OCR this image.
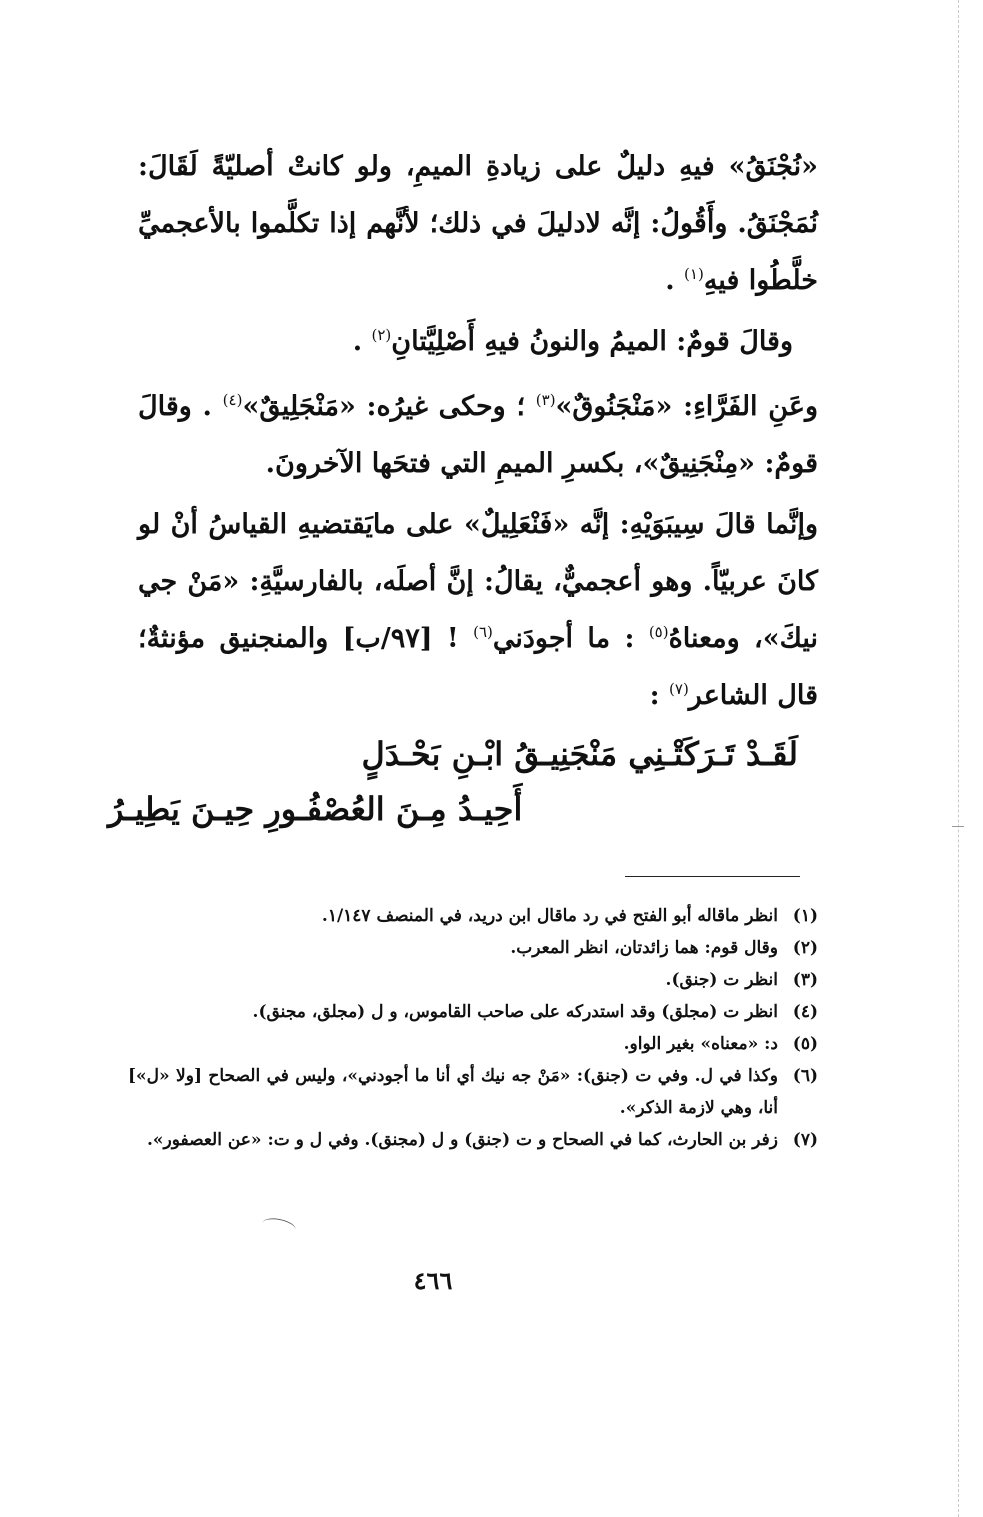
«نُجْنَقُ» فيهِ دليلٌ على زيادةِ الميمِ، ولو كانتْ أصليّةً لَقَالَ: نُمَجْنَقُ. وأَقُولُ: إنَّه لادليلَ في ذلك؛ لأنَّهم إذا تكلَّموا بالأعجميِّ خلَّطُوا فيهِ$^{(١)}$ .
وقالَ قومٌ: الميمُ والنونُ فيهِ أَصْلِيَّتانِ$^{(٢)}$ .
وعَنِ الفَرَّاءِ: «مَنْجَنُوقٌ»$^{(٣)}$ ؛ وحكى غيرُه: «مَنْجَلِيقٌ»$^{(٤)}$ . وقالَ قومٌ: «مِنْجَنِيقٌ»، بكسرِ الميمِ التي فتحَها الآخرونَ.
وإنَّما قالَ سِيبَوَيْهِ: إنَّه «فَنْعَلِيلٌ» على مايَقتضيهِ القياسُ أنْ لو كانَ عربيّاً. وهو أعجميٌّ، يقالُ: إنَّ أصلَه، بالفارسيَّةِ: «مَنْ جي نيكَ»، ومعناهُ$^{(٥)}$ : ما أجودَني$^{(٦)}$ ! [٩٧/ب] والمنجنيق مؤنثةٌ؛ قال الشاعر$^{(٧)}$ :
لَقَـدْ تَـرَكَتْـنِي مَنْجَنِيـقُ ابْـنِ بَحْـدَلٍ
أَحِيـدُ مِـنَ العُصْفُـورِ حِيـنَ يَطِيـرُ
(١)
انظر ماقاله أبو الفتح في رد ماقال ابن دريد، في المنصف ١/١٤٧.
(٢)
وقال قوم: هما زائدتان، انظر المعرب.
(٣)
انظر ت (جنق).
(٤)
انظر ت (مجلق) وقد استدركه على صاحب القاموس، و ل (مجلق، مجنق).
(٥)
د: «معناه» بغير الواو.
(٦)
وكذا في ل. وفي ت (جنق): «مَنْ جه نيك أي أنا ما أجودني»، وليس في الصحاح [ولا «ل»] أنا، وهي لازمة الذكر».
(٧)
زفر بن الحارث، كما في الصحاح و ت (جنق) و ل (مجنق). وفي ل و ت: «عن العصفور».
٤٦٦
